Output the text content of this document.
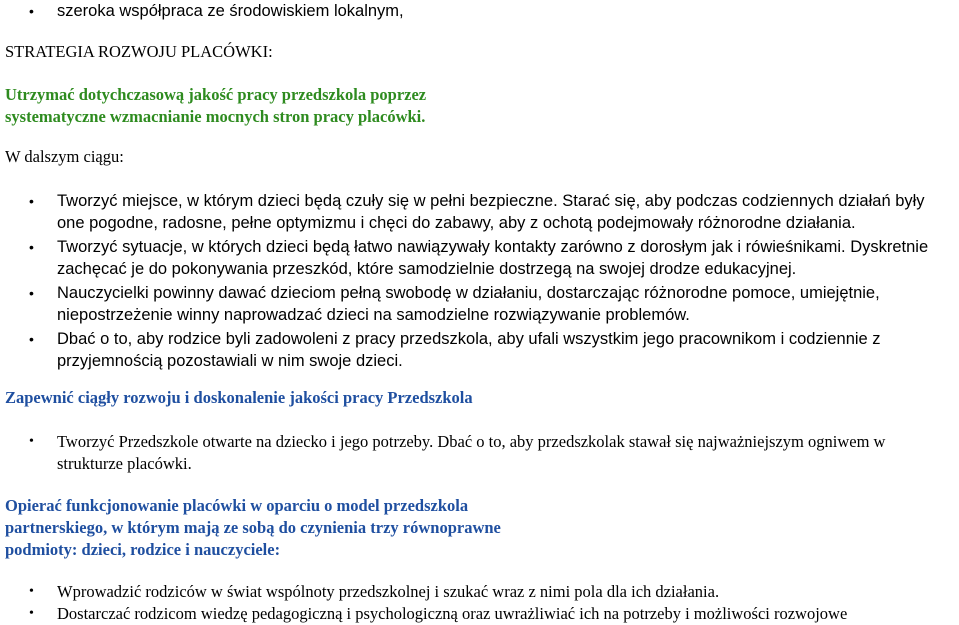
• szeroka współpraca ze środowiskiem lokalnym,
STRATEGIA ROZWOJU PLACÓWKI:
Utrzymać dotychczasową jakość pracy przedszkola poprzez
systematyczne wzmacnianie mocnych stron pracy placówki.
W dalszym ciągu:
• Tworzyć miejsce, w którym dzieci będą czuły się w pełni bezpieczne. Starać się, aby podczas codziennych działań były one pogodne, radosne, pełne optymizmu i chęci do zabawy, aby z ochotą podejmowały różnorodne działania.
• Tworzyć sytuacje, w których dzieci będą łatwo nawiązywały kontakty zarówno z dorosłym jak i rówieśnikami. Dyskretnie zachęcać je do pokonywania przeszkód, które samodzielnie dostrzegą na swojej drodze edukacyjnej.
• Nauczycielki powinny dawać dzieciom pełną swobodę w działaniu, dostarczając różnorodne pomoce, umiejętnie, niepostrzeżenie winny naprowadzać dzieci na samodzielne rozwiązywanie problemów.
• Dbać o to, aby rodzice byli zadowoleni z pracy przedszkola, aby ufali wszystkim jego pracownikom i codziennie z przyjemnością pozostawiali w nim swoje dzieci.
Zapewnić ciągły rozwoju i doskonalenie jakości pracy Przedszkola
• Tworzyć Przedszkole otwarte na dziecko i jego potrzeby. Dbać o to, aby przedszkolak stawał się najważniejszym ogniwem w strukturze placówki.
Opierać funkcjonowanie placówki w oparciu o model przedszkola
partnerskiego, w którym mają ze sobą do czynienia trzy równoprawne
podmioty: dzieci, rodzice i nauczyciele:
• Wprowadzić rodziców w świat wspólnoty przedszkolnej i szukać wraz z nimi pola dla ich działania.
• Dostarczać rodzicom wiedzę pedagogiczną i psychologiczną oraz uwrażliwiać ich na potrzeby i możliwości rozwojowe
